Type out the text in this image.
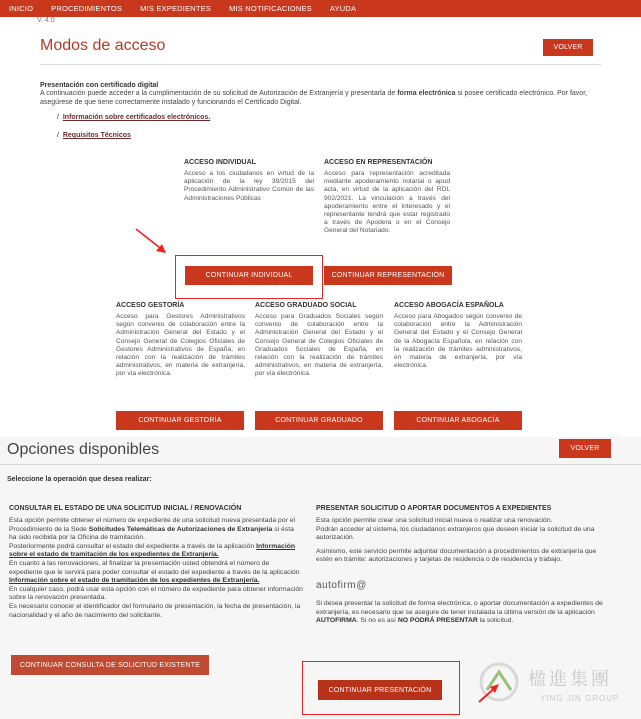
INICIO	PROCEDIMIENTOS	MIS EXPEDIENTES	MIS NOTIFICACIONES	AYUDA
V. 4.0
Modos de acceso	VOLVER
Presentación con certificado digital
A continuación puede acceder a la cumplimentación de su solicitud de Autorización de Extranjería y presentarla de forma electrónica si posee certificado electrónico. Por favor, asegúrese de que tiene correctamente instalado y funcionando el Certificado Digital.
/  Información sobre certificados electrónicos.
/  Requisitos Técnicos
ACCESO INDIVIDUAL
Acceso a los ciudadanos en virtud de la aplicación de la ley 39/2015 del Procedimiento Administrativo Común de las Administraciones Públicas
ACCESO EN REPRESENTACIÓN
Acceso para representación acreditada mediante apoderamiento notarial o apud acta, en virtud de la aplicación del RDL 902/2021. La vinculación a través del apoderamiento entre el interesado y el representante tendrá que estar registrado a través de Apodera o en el Consejo General del Notariado.
CONTINUAR INDIVIDUAL	CONTINUAR REPRESENTACIÓN
ACCESO GESTORÍA
Acceso para Gestores Administrativos según convenio de colaboración entre la Administración General del Estado y el Consejo General de Colegios Oficiales de Gestores Administrativos de España, en relación con la realización de trámites administrativos, en materia de extranjería, por vía electrónica.
ACCESO GRADUADO SOCIAL
Acceso para Graduados Sociales según convenio de colaboración entre la Administración General del Estado y el Consejo General de Colegios Oficiales de Graduados Sociales de España, en relación con la realización de trámites administrativos, en materia de extranjería, por vía electrónica.
ACCESO ABOGACÍA ESPAÑOLA
Acceso para Abogados según convenio de colaboración entre la Administración General del Estado y el Consejo General de la Abogacía Española, en relación con la realización de trámites administrativos, en materia de extranjería, por vía electrónica.
CONTINUAR GESTORÍA	CONTINUAR GRADUADO	CONTINUAR ABOGACÍA
Opciones disponibles	VOLVER
Seleccione la operación que desea realizar:
CONSULTAR EL ESTADO DE UNA SOLICITUD INICIAL / RENOVACIÓN
Esta opción permite obtener el número de expediente de una solicitud nueva presentada por el Procedimiento de la Sede Solicitudes Telemáticas de Autorizaciones de Extranjería si ésta ha sido recibida por la Oficina de tramitación.
Posteriormente podrá consultar el estado del expediente a través de la aplicación Información sobre el estado de tramitación de los expedientes de Extranjería.
En cuanto a las renovaciones, al finalizar la presentación usted obtendrá el número de expediente que le servirá para poder consultar el estado del expediente a través de la aplicación Información sobre el estado de tramitación de los expedientes de Extranjería.
En cualquier caso, podrá usar esta opción con el número de expediente para obtener información sobre la renovación presentada.
Es necesario conocer el identificador del formulario de presentación, la fecha de presentación, la nacionalidad y el año de nacimiento del solicitante.
CONTINUAR CONSULTA DE SOLICITUD EXISTENTE
PRESENTAR SOLICITUD O APORTAR DOCUMENTOS A EXPEDIENTES
Esta opción permite crear una solicitud inicial nueva o realizar una renovación.
Podrán acceder al sistema, los ciudadanos extranjeros que deseen iniciar la solicitud de una autorización.
Asimismo, este servicio permite adjuntar documentación a procedimientos de extranjería que estén en trámite: autorizaciones y tarjetas de residencia o de residencia y trabajo.
Si desea presentar la solicitud de forma electrónica, o aportar documentación a expedientes de extranjería, es necesario que se asegure de tener instalada la última versión de la aplicación AUTOFIRMA. Si no es así NO PODRÁ PRESENTAR la solicitud.
CONTINUAR PRESENTACIÓN
autofirm@
楹進集團
YING JIN GROUP
